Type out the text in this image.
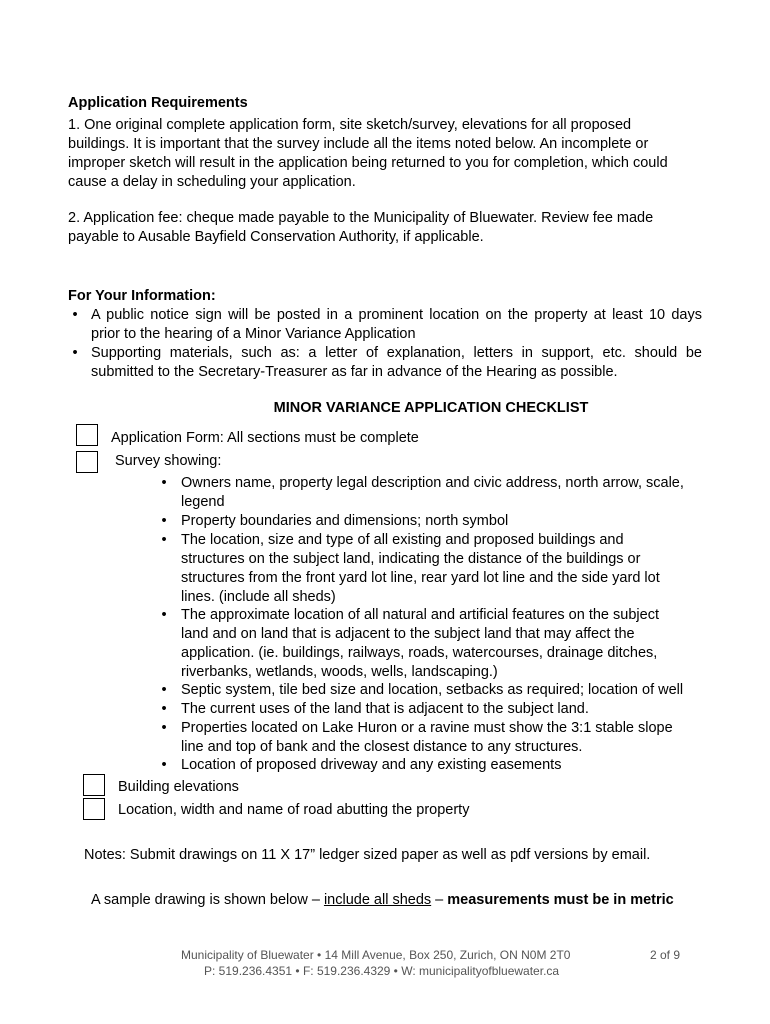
Application Requirements
1. One original complete application form, site sketch/survey, elevations for all proposed
buildings. It is important that the survey include all the items noted below. An incomplete or
improper sketch will result in the application being returned to you for completion, which could
cause a delay in scheduling your application.
2. Application fee: cheque made payable to the Municipality of Bluewater. Review fee made
payable to Ausable Bayfield Conservation Authority, if applicable.
For Your Information:
• A public notice sign will be posted in a prominent location on the property at least 10 days
prior to the hearing of a Minor Variance Application
• Supporting materials, such as: a letter of explanation, letters in support, etc. should be
submitted to the Secretary-Treasurer as far in advance of the Hearing as possible.
MINOR VARIANCE APPLICATION CHECKLIST
Application Form: All sections must be complete
Survey showing:
• Owners name, property legal description and civic address, north arrow, scale,
legend
• Property boundaries and dimensions; north symbol
• The location, size and type of all existing and proposed buildings and
structures on the subject land, indicating the distance of the buildings or
structures from the front yard lot line, rear yard lot line and the side yard lot
lines. (include all sheds)
• The approximate location of all natural and artificial features on the subject
land and on land that is adjacent to the subject land that may affect the
application. (ie. buildings, railways, roads, watercourses, drainage ditches,
riverbanks, wetlands, woods, wells, landscaping.)
• Septic system, tile bed size and location, setbacks as required; location of well
• The current uses of the land that is adjacent to the subject land.
• Properties located on Lake Huron or a ravine must show the 3:1 stable slope
line and top of bank and the closest distance to any structures.
• Location of proposed driveway and any existing easements
Building elevations
Location, width and name of road abutting the property
Notes: Submit drawings on 11 X 17” ledger sized paper as well as pdf versions by email.
A sample drawing is shown below – include all sheds – measurements must be in metric
Municipality of Bluewater • 14 Mill Avenue, Box 250, Zurich, ON N0M 2T0
P: 519.236.4351 • F: 519.236.4329 • W: municipalityofbluewater.ca
2 of 9
